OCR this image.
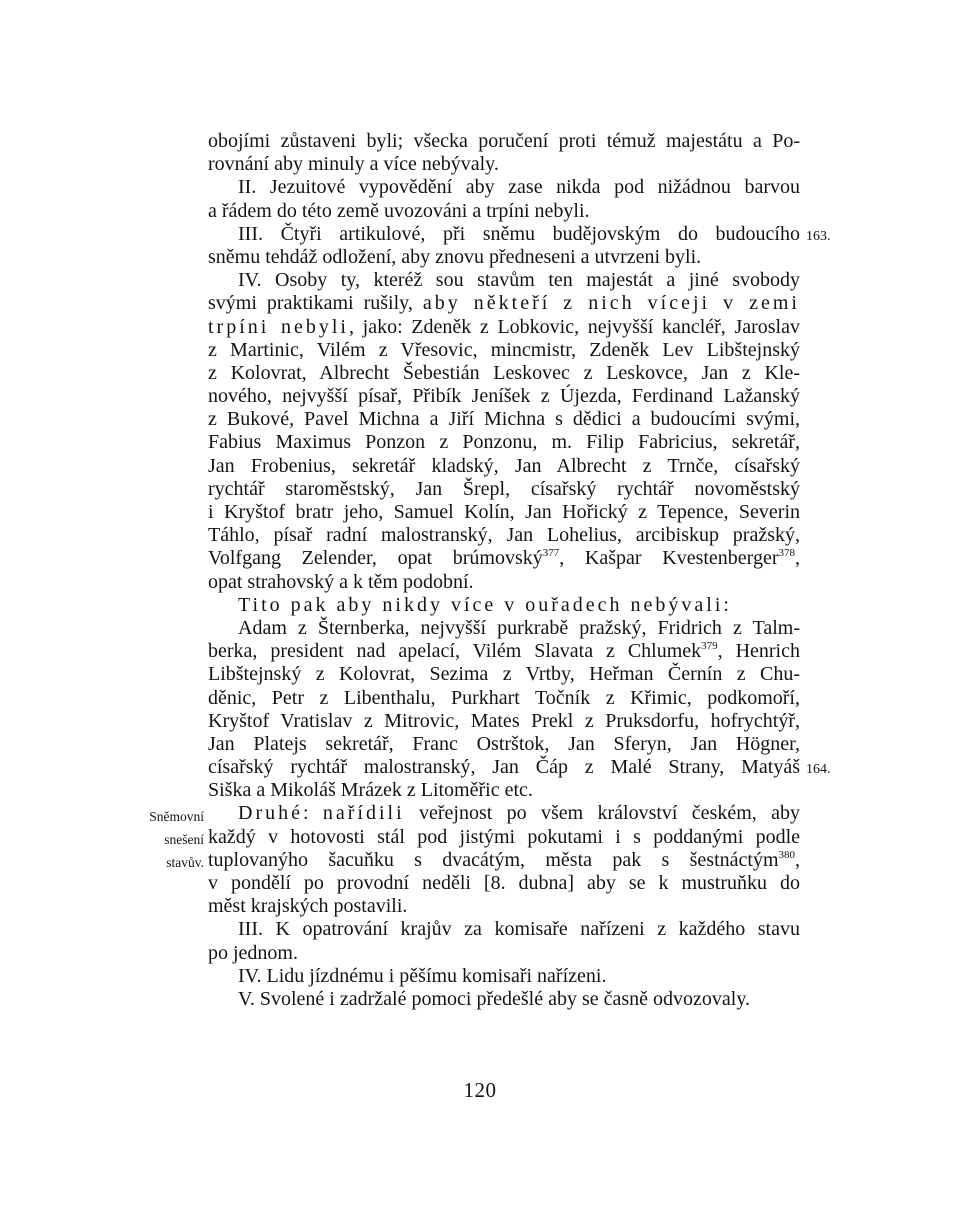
obojími zůstaveni byli; všecka poručení proti témuž majestátu a Po-
rovnání aby minuly a více nebývaly.
II. Jezuitové vypovědění aby zase nikda pod nižádnou barvou
a řádem do této země uvozováni a trpíni nebyli.
III. Čtyři artikulové, při sněmu budějovským do budoucího
sněmu tehdáž odložení, aby znovu předneseni a utvrzeni byli.
IV. Osoby ty, kteréž sou stavům ten majestát a jiné svobody
svými praktikami rušily, aby někteří z nich víceji v zemi
trpíni nebyli, jako: Zdeněk z Lobkovic, nejvyšší kancléř, Jaroslav
z Martinic, Vilém z Vřesovic, mincmistr, Zdeněk Lev Libštejnský
z Kolovrat, Albrecht Šebestián Leskovec z Leskovce, Jan z Kle-
nového, nejvyšší písař, Přibík Jeníšek z Újezda, Ferdinand Lažanský
z Bukové, Pavel Michna a Jiří Michna s dědici a budoucími svými,
Fabius Maximus Ponzon z Ponzonu, m. Filip Fabricius, sekretář,
Jan Frobenius, sekretář kladský, Jan Albrecht z Trnče, císařský
rychtář staroměstský, Jan Šrepl, císařský rychtář novoměstský
i Kryštof bratr jeho, Samuel Kolín, Jan Hořický z Tepence, Severin
Táhlo, písař radní malostranský, Jan Lohelius, arcibiskup pražský,
Volfgang Zelender, opat brúmovský$^{377}$, Kašpar Kvestenberger$^{378}$,
opat strahovský a k těm podobní.
Tito pak aby nikdy více v ouřadech nebývali:
Adam z Šternberka, nejvyšší purkrabě pražský, Fridrich z Talm-
berka, president nad apelací, Vilém Slavata z Chlumek$^{379}$, Henrich
Libštejnský z Kolovrat, Sezima z Vrtby, Heřman Černín z Chu-
děnic, Petr z Libenthalu, Purkhart Točník z Křimic, podkomoří,
Kryštof Vratislav z Mitrovic, Mates Prekl z Pruksdorfu, hofrychtýř,
Jan Platejs sekretář, Franc Ostrštok, Jan Sferyn, Jan Högner,
císařský rychtář malostranský, Jan Čáp z Malé Strany, Matyáš
Siška a Mikoláš Mrázek z Litoměřic etc.
Druhé: nařídili veřejnost po všem království českém, aby
každý v hotovosti stál pod jistými pokutami i s poddanými podle
tuplovanýho šacuňku s dvacátým, města pak s šestnáctým$^{380}$,
v pondělí po provodní neděli [8. dubna] aby se k mustruňku do
měst krajských postavili.
III. K opatrování krajův za komisaře nařízeni z každého stavu
po jednom.
IV. Lidu jízdnému i pěšímu komisaři nařízeni.
V. Svolené i zadržalé pomoci předešlé aby se časně odvozovaly.
163.
164.
Sněmovní
snešení
stavův.
120
